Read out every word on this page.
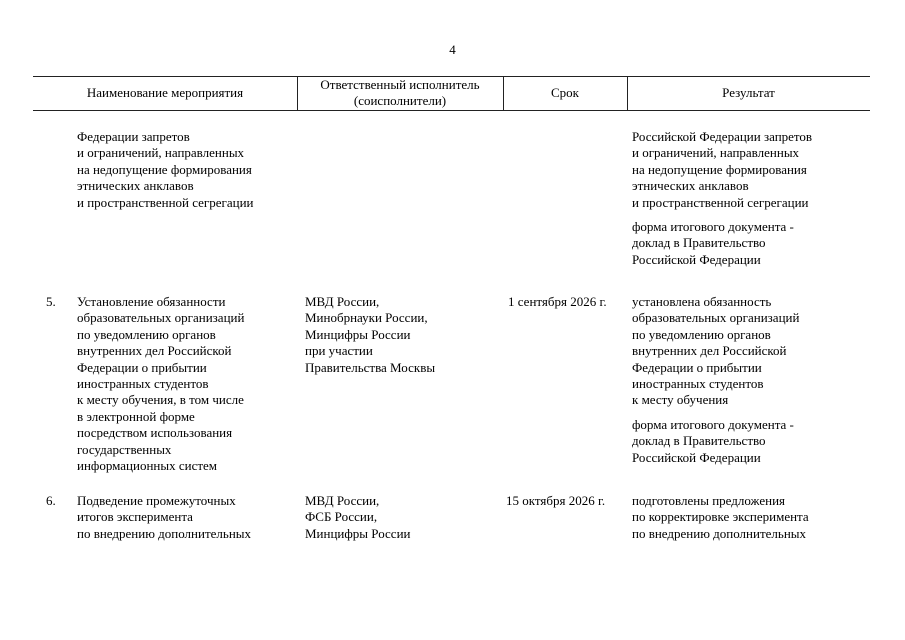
4
Наименование мероприятия
Ответственный исполнитель
(соисполнители)
Срок	Результат
Федерации запретов
и ограничений, направленных
на недопущение формирования
этнических анклавов
и пространственной сегрегации
Российской Федерации запретов
и ограничений, направленных
на недопущение формирования
этнических анклавов
и пространственной сегрегации
форма итогового документа -
доклад в Правительство
Российской Федерации
5. Установление обязанности
образовательных организаций
по уведомлению органов
внутренних дел Российской
Федерации о прибытии
иностранных студентов
к месту обучения, в том числе
в электронной форме
посредством использования
государственных
информационных систем
МВД России,
Минобрнауки России,
Минцифры России
при участии
Правительства Москвы
1 сентября 2026 г. установлена обязанность
образовательных организаций
по уведомлению органов
внутренних дел Российской
Федерации о прибытии
иностранных студентов
к месту обучения
форма итогового документа -
доклад в Правительство
Российской Федерации
6. Подведение промежуточных
итогов эксперимента
по внедрению дополнительных
МВД России,
ФСБ России,
Минцифры России
15 октября 2026 г. подготовлены предложения
по корректировке эксперимента
по внедрению дополнительных
